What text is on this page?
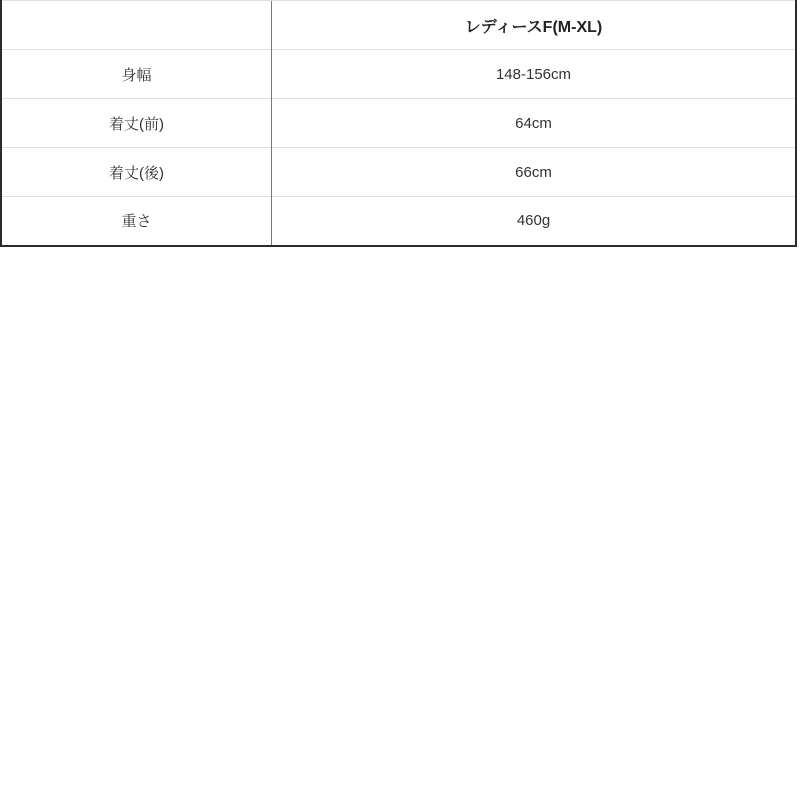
	レディースF(M-XL)
身幅	148-156cm
着丈(前)	64cm
着丈(後)	66cm
重さ	460g
